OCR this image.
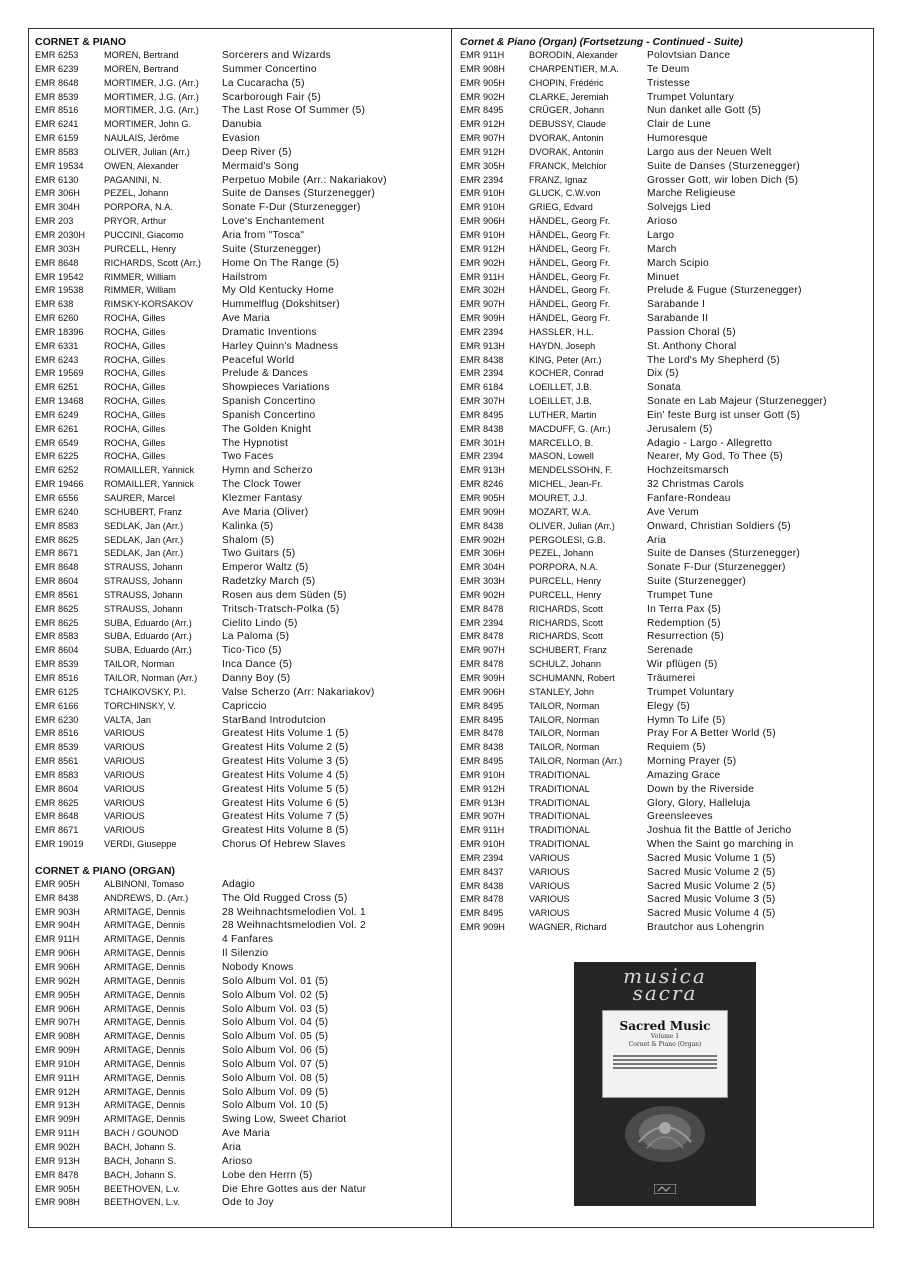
CORNET & PIANO
EMR 6253	MOREN, Bertrand	Sorcerers and Wizards
EMR 6239	MOREN, Bertrand	Summer Concertino
EMR 8648	MORTIMER, J.G. (Arr.)	La Cucaracha (5)
EMR 8539	MORTIMER, J.G. (Arr.)	Scarborough Fair (5)
EMR 8516	MORTIMER, J.G. (Arr.)	The Last Rose Of Summer (5)
EMR 6241	MORTIMER, John G.	Danubia
EMR 6159	NAULAIS, Jérôme	Evasion
EMR 8583	OLIVER, Julian (Arr.)	Deep River (5)
EMR 19534	OWEN, Alexander	Mermaid's Song
EMR 6130	PAGANINI, N.	Perpetuo Mobile (Arr.: Nakariakov)
EMR 306H	PEZEL, Johann	Suite de Danses (Sturzenegger)
EMR 304H	PORPORA, N.A.	Sonate F-Dur (Sturzenegger)
EMR 203	PRYOR, Arthur	Love's Enchantement
EMR 2030H	PUCCINI, Giacomo	Aria from "Tosca"
EMR 303H	PURCELL, Henry	Suite (Sturzenegger)
EMR 8648	RICHARDS, Scott (Arr.)	Home On The Range (5)
EMR 19542	RIMMER, William	Hailstrom
EMR 19538	RIMMER, William	My Old Kentucky Home
EMR 638	RIMSKY-KORSAKOV	Hummelflug (Dokshitser)
EMR 6260	ROCHA, Gilles	Ave Maria
EMR 18396	ROCHA, Gilles	Dramatic Inventions
EMR 6331	ROCHA, Gilles	Harley Quinn's Madness
EMR 6243	ROCHA, Gilles	Peaceful World
EMR 19569	ROCHA, Gilles	Prelude & Dances
EMR 6251	ROCHA, Gilles	Showpieces Variations
EMR 13468	ROCHA, Gilles	Spanish Concertino
EMR 6249	ROCHA, Gilles	Spanish Concertino
EMR 6261	ROCHA, Gilles	The Golden Knight
EMR 6549	ROCHA, Gilles	The Hypnotist
EMR 6225	ROCHA, Gilles	Two Faces
EMR 6252	ROMAILLER, Yannick	Hymn and Scherzo
EMR 19466	ROMAILLER, Yannick	The Clock Tower
EMR 6556	SAURER, Marcel	Klezmer Fantasy
EMR 6240	SCHUBERT, Franz	Ave Maria (Oliver)
EMR 8583	SEDLAK, Jan (Arr.)	Kalinka (5)
EMR 8625	SEDLAK, Jan (Arr.)	Shalom (5)
EMR 8671	SEDLAK, Jan (Arr.)	Two Guitars (5)
EMR 8648	STRAUSS, Johann	Emperor Waltz (5)
EMR 8604	STRAUSS, Johann	Radetzky March (5)
EMR 8561	STRAUSS, Johann	Rosen aus dem Süden (5)
EMR 8625	STRAUSS, Johann	Tritsch-Tratsch-Polka (5)
EMR 8625	SUBA, Eduardo (Arr.)	Cielito Lindo (5)
EMR 8583	SUBA, Eduardo (Arr.)	La Paloma (5)
EMR 8604	SUBA, Eduardo (Arr.)	Tico-Tico (5)
EMR 8539	TAILOR, Norman	Inca Dance (5)
EMR 8516	TAILOR, Norman (Arr.)	Danny Boy (5)
EMR 6125	TCHAIKOVSKY, P.I.	Valse Scherzo (Arr: Nakariakov)
EMR 6166	TORCHINSKY, V.	Capriccio
EMR 6230	VALTA, Jan	StarBand Introdutcion
EMR 8516	VARIOUS	Greatest Hits Volume 1 (5)
EMR 8539	VARIOUS	Greatest Hits Volume 2 (5)
EMR 8561	VARIOUS	Greatest Hits Volume 3 (5)
EMR 8583	VARIOUS	Greatest Hits Volume 4 (5)
EMR 8604	VARIOUS	Greatest Hits Volume 5 (5)
EMR 8625	VARIOUS	Greatest Hits Volume 6 (5)
EMR 8648	VARIOUS	Greatest Hits Volume 7 (5)
EMR 8671	VARIOUS	Greatest Hits Volume 8 (5)
EMR 19019	VERDI, Giuseppe	Chorus Of Hebrew Slaves
CORNET & PIANO (ORGAN)
EMR 905H	ALBINONI, Tomaso	Adagio
EMR 8438	ANDREWS, D. (Arr.)	The Old Rugged Cross (5)
EMR 903H	ARMITAGE, Dennis	28 Weihnachtsmelodien Vol. 1
EMR 904H	ARMITAGE, Dennis	28 Weihnachtsmelodien Vol. 2
EMR 911H	ARMITAGE, Dennis	4 Fanfares
EMR 906H	ARMITAGE, Dennis	Il Silenzio
EMR 906H	ARMITAGE, Dennis	Nobody Knows
EMR 902H	ARMITAGE, Dennis	Solo Album Vol. 01 (5)
EMR 905H	ARMITAGE, Dennis	Solo Album Vol. 02 (5)
EMR 906H	ARMITAGE, Dennis	Solo Album Vol. 03 (5)
EMR 907H	ARMITAGE, Dennis	Solo Album Vol. 04 (5)
EMR 908H	ARMITAGE, Dennis	Solo Album Vol. 05 (5)
EMR 909H	ARMITAGE, Dennis	Solo Album Vol. 06 (5)
EMR 910H	ARMITAGE, Dennis	Solo Album Vol. 07 (5)
EMR 911H	ARMITAGE, Dennis	Solo Album Vol. 08 (5)
EMR 912H	ARMITAGE, Dennis	Solo Album Vol. 09 (5)
EMR 913H	ARMITAGE, Dennis	Solo Album Vol. 10 (5)
EMR 909H	ARMITAGE, Dennis	Swing Low, Sweet Chariot
EMR 911H	BACH / GOUNOD	Ave Maria
EMR 902H	BACH, Johann S.	Aria
EMR 913H	BACH, Johann S.	Arioso
EMR 8478	BACH, Johann S.	Lobe den Herrn (5)
EMR 905H	BEETHOVEN, L.v.	Die Ehre Gottes aus der Natur
EMR 908H	BEETHOVEN, L.v.	Ode to Joy
Cornet & Piano (Organ) (Fortsetzung - Continued - Suite)
EMR 911H	BORODIN, Alexander	Polovtsian Dance
EMR 908H	CHARPENTIER, M.A.	Te Deum
EMR 905H	CHOPIN, Frédéric	Tristesse
EMR 902H	CLARKE, Jeremiah	Trumpet Voluntary
EMR 8495	CRÜGER, Johann	Nun danket alle Gott (5)
EMR 912H	DEBUSSY, Claude	Clair de Lune
EMR 907H	DVORAK, Antonin	Humoresque
EMR 912H	DVORAK, Antonin	Largo aus der Neuen Welt
EMR 305H	FRANCK, Melchior	Suite de Danses (Sturzenegger)
EMR 2394	FRANZ, Ignaz	Grosser Gott, wir loben Dich (5)
EMR 910H	GLUCK, C.W.von	Marche Religieuse
EMR 910H	GRIEG, Edvard	Solvejgs Lied
EMR 906H	HÄNDEL, Georg Fr.	Arioso
EMR 910H	HÄNDEL, Georg Fr.	Largo
EMR 912H	HÄNDEL, Georg Fr.	March
EMR 902H	HÄNDEL, Georg Fr.	March Scipio
EMR 911H	HÄNDEL, Georg Fr.	Minuet
EMR 302H	HÄNDEL, Georg Fr.	Prelude & Fugue (Sturzenegger)
EMR 907H	HÄNDEL, Georg Fr.	Sarabande I
EMR 909H	HÄNDEL, Georg Fr.	Sarabande II
EMR 2394	HASSLER, H.L.	Passion Choral (5)
EMR 913H	HAYDN, Joseph	St. Anthony Choral
EMR 8438	KING, Peter (Arr.)	The Lord's My Shepherd (5)
EMR 2394	KOCHER, Conrad	Dix (5)
EMR 6184	LOEILLET, J.B.	Sonata
EMR 307H	LOEILLET, J.B.	Sonate en Lab Majeur (Sturzenegger)
EMR 8495	LUTHER, Martin	Ein' feste Burg ist unser Gott (5)
EMR 8438	MACDUFF, G. (Arr.)	Jerusalem (5)
EMR 301H	MARCELLO, B.	Adagio - Largo - Allegretto
EMR 2394	MASON, Lowell	Nearer, My God, To Thee (5)
EMR 913H	MENDELSSOHN, F.	Hochzeitsmarsch
EMR 8246	MICHEL, Jean-Fr.	32 Christmas Carols
EMR 905H	MOURET, J.J.	Fanfare-Rondeau
EMR 909H	MOZART, W.A.	Ave Verum
EMR 8438	OLIVER, Julian (Arr.)	Onward, Christian Soldiers (5)
EMR 902H	PERGOLESI, G.B.	Aria
EMR 306H	PEZEL, Johann	Suite de Danses (Sturzenegger)
EMR 304H	PORPORA, N.A.	Sonate F-Dur (Sturzenegger)
EMR 303H	PURCELL, Henry	Suite (Sturzenegger)
EMR 902H	PURCELL, Henry	Trumpet Tune
EMR 8478	RICHARDS, Scott	In Terra Pax (5)
EMR 2394	RICHARDS, Scott	Redemption (5)
EMR 8478	RICHARDS, Scott	Resurrection (5)
EMR 907H	SCHUBERT, Franz	Serenade
EMR 8478	SCHULZ, Johann	Wir pflügen (5)
EMR 909H	SCHUMANN, Robert	Träumerei
EMR 906H	STANLEY, John	Trumpet Voluntary
EMR 8495	TAILOR, Norman	Elegy (5)
EMR 8495	TAILOR, Norman	Hymn To Life (5)
EMR 8478	TAILOR, Norman	Pray For A Better World (5)
EMR 8438	TAILOR, Norman	Requiem (5)
EMR 8495	TAILOR, Norman (Arr.)	Morning Prayer (5)
EMR 910H	TRADITIONAL	Amazing Grace
EMR 912H	TRADITIONAL	Down by the Riverside
EMR 913H	TRADITIONAL	Glory, Glory, Halleluja
EMR 907H	TRADITIONAL	Greensleeves
EMR 911H	TRADITIONAL	Joshua fit the Battle of Jericho
EMR 910H	TRADITIONAL	When the Saint go marching in
EMR 2394	VARIOUS	Sacred Music Volume 1 (5)
EMR 8437	VARIOUS	Sacred Music Volume 2 (5)
EMR 8438	VARIOUS	Sacred Music Volume 2 (5)
EMR 8478	VARIOUS	Sacred Music Volume 3 (5)
EMR 8495	VARIOUS	Sacred Music Volume 4 (5)
EMR 909H	WAGNER, Richard	Brautchor aus Lohengrin
musica
sacra
Sacred Music
Volume 1
Cornet & Piano (Organ)
